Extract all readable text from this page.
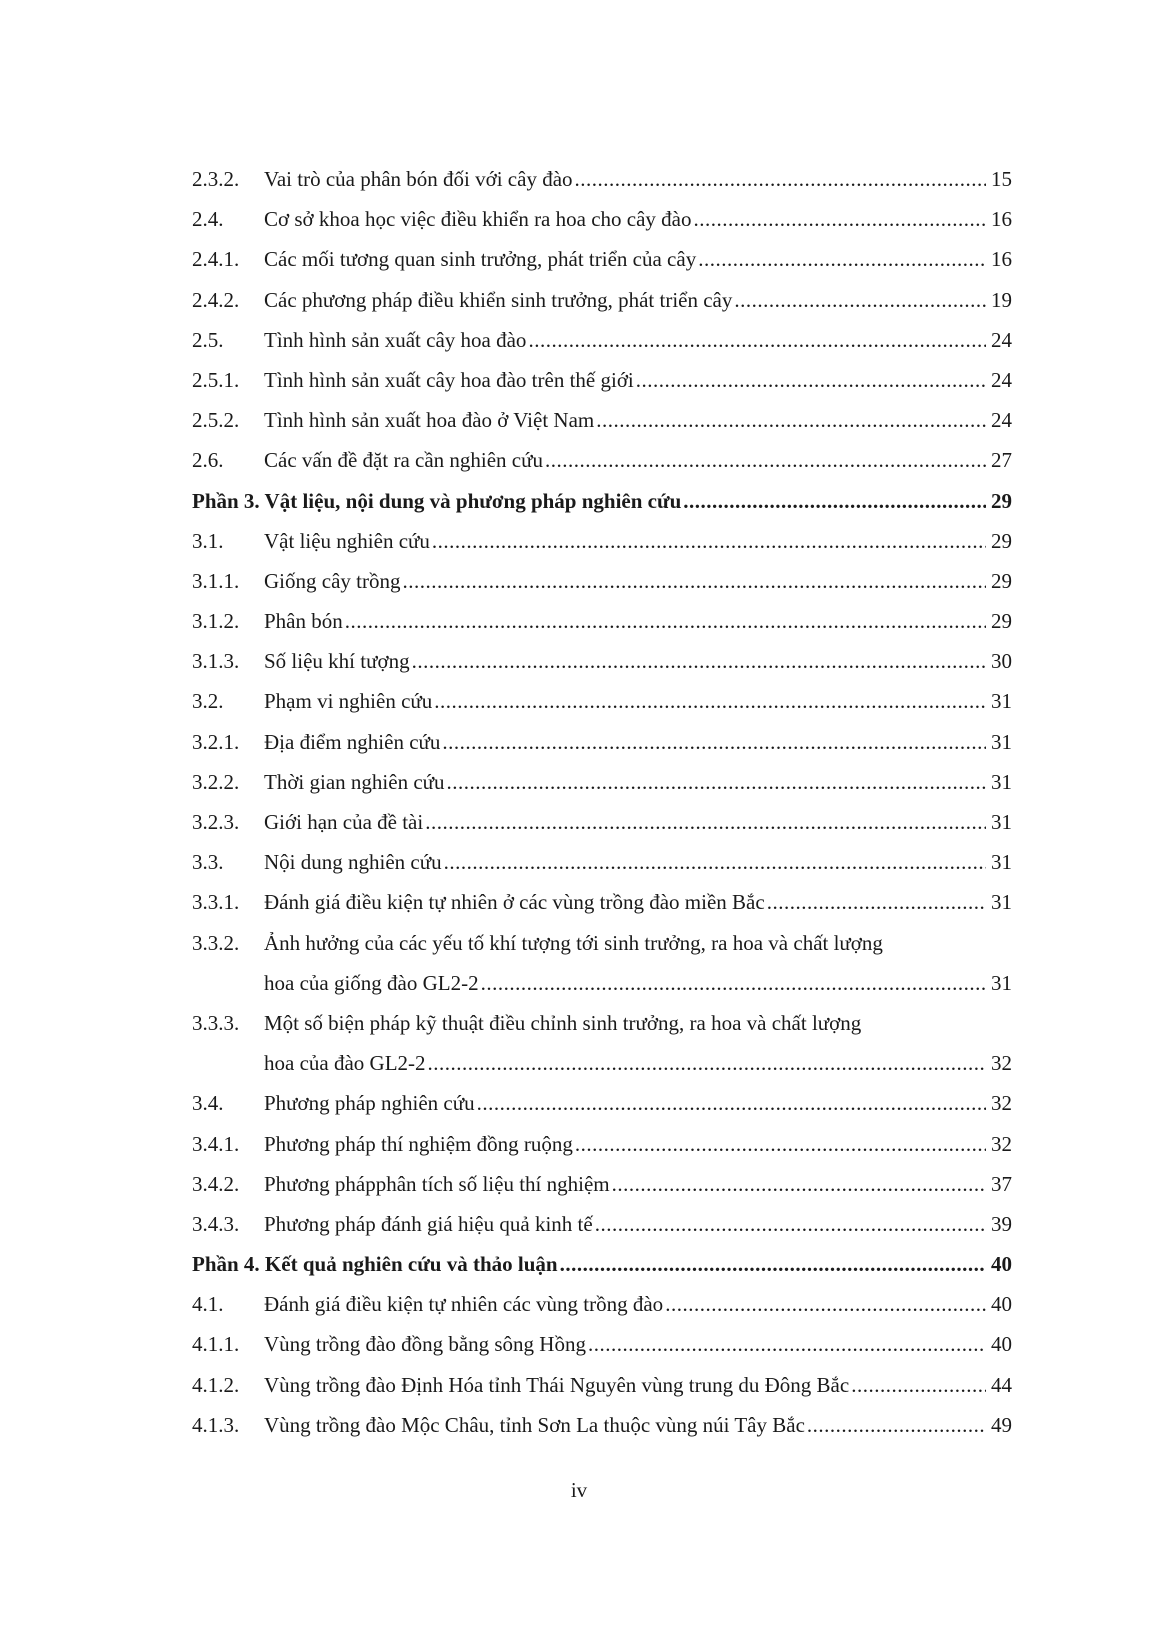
2.3.2. Vai trò của phân bón đối với cây đào .....	15
2.4. Cơ sở khoa học việc điều khiển ra hoa cho cây đào .....	16
2.4.1. Các mối tương quan sinh trưởng, phát triển của cây .....	16
2.4.2. Các phương pháp điều khiển sinh trưởng, phát triển cây .....	19
2.5. Tình hình sản xuất cây hoa đào .....	24
2.5.1. Tình hình sản xuất cây hoa đào trên thế giới .....	24
2.5.2. Tình hình sản xuất hoa đào ở Việt Nam .....	24
2.6. Các vấn đề đặt ra cần nghiên cứu .....	27
Phần 3. Vật liệu, nội dung và phương pháp nghiên cứu .....	29
3.1. Vật liệu nghiên cứu .....	29
3.1.1. Giống cây trồng .....	29
3.1.2. Phân bón .....	29
3.1.3. Số liệu khí tượng .....	30
3.2. Phạm vi nghiên cứu .....	31
3.2.1. Địa điểm nghiên cứu .....	31
3.2.2. Thời gian nghiên cứu .....	31
3.2.3. Giới hạn của đề tài .....	31
3.3. Nội dung nghiên cứu .....	31
3.3.1. Đánh giá điều kiện tự nhiên ở các vùng trồng đào miền Bắc .....	31
3.3.2. Ảnh hưởng của các yếu tố khí tượng tới sinh trưởng, ra hoa và chất lượng
hoa của giống đào GL2-2 .....	31
3.3.3. Một số biện pháp kỹ thuật điều chỉnh sinh trưởng, ra hoa và chất lượng
hoa của đào GL2-2 .....	32
3.4. Phương pháp nghiên cứu .....	32
3.4.1. Phương pháp thí nghiệm đồng ruộng .....	32
3.4.2. Phương phápphân tích số liệu thí nghiệm .....	37
3.4.3. Phương pháp đánh giá hiệu quả kinh tế .....	39
Phần 4. Kết quả nghiên cứu và thảo luận .....	40
4.1. Đánh giá điều kiện tự nhiên các vùng trồng đào .....	40
4.1.1. Vùng trồng đào đồng bằng sông Hồng .....	40
4.1.2. Vùng trồng đào Định Hóa tỉnh Thái Nguyên vùng trung du Đông Bắc .....	44
4.1.3. Vùng trồng đào Mộc Châu, tỉnh Sơn La thuộc vùng núi Tây Bắc .....	49
iv
